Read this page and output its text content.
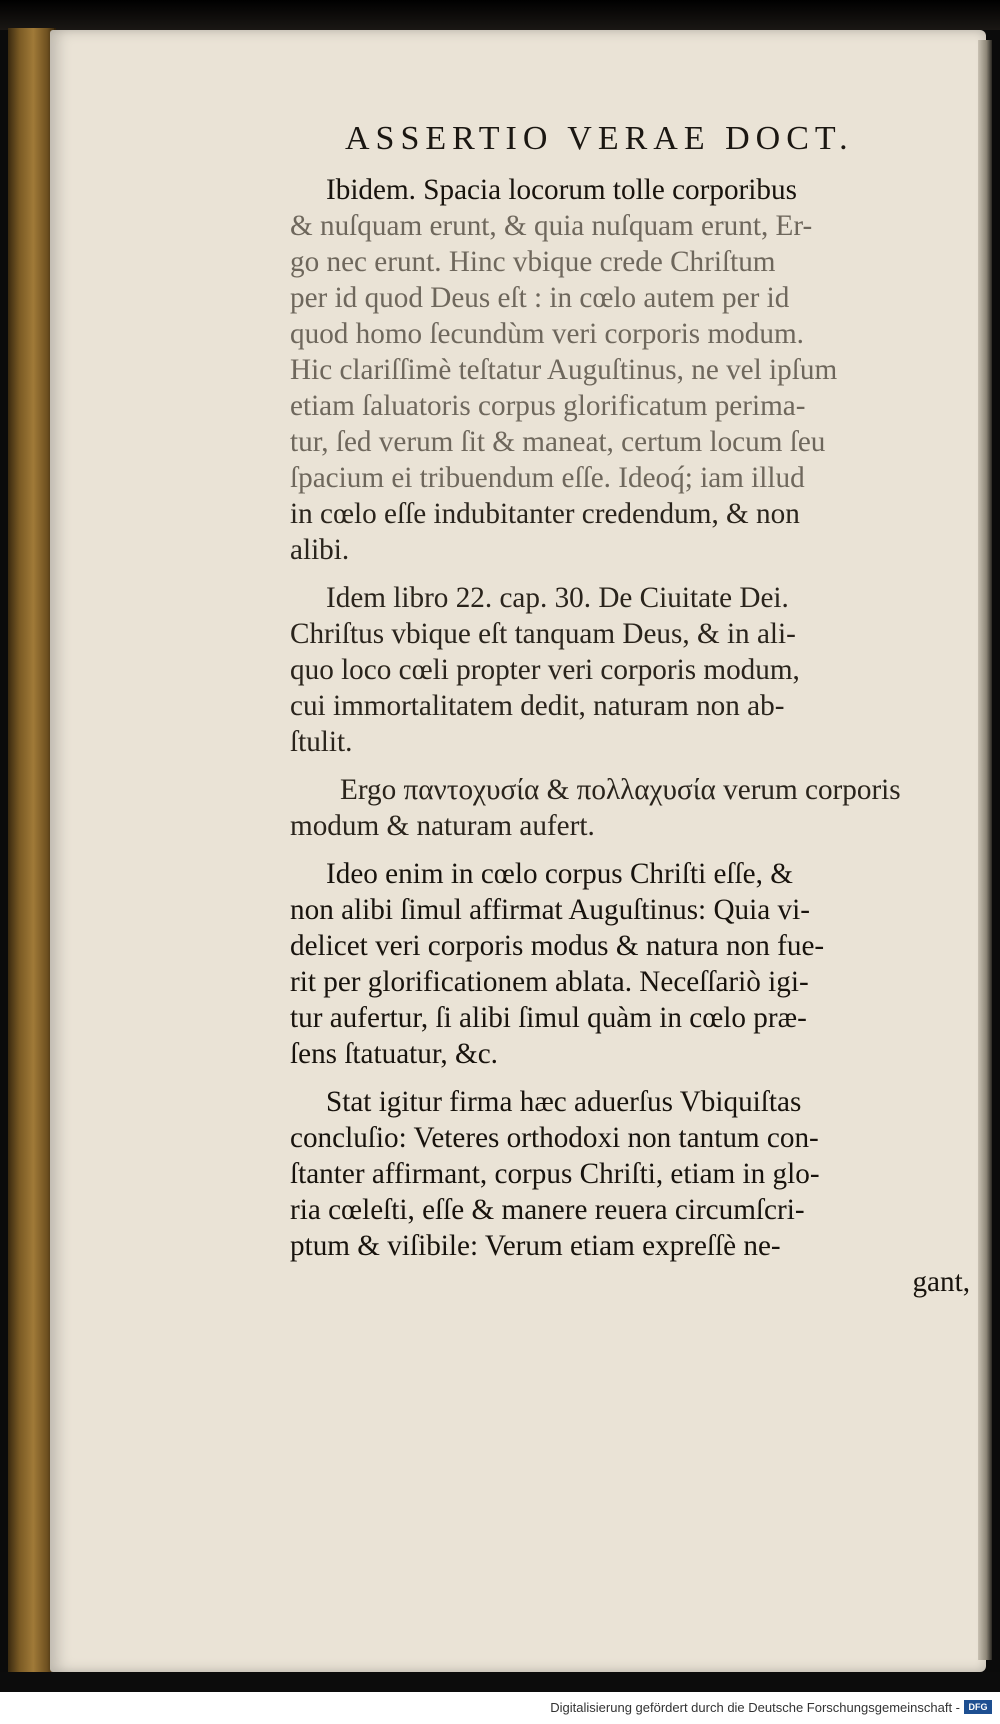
ASSERTIO VERAE DOCT.
Ibidem. Spacia locorum tolle corporibus
& nuſquam erunt, & quia nuſquam erunt, Er-
go nec erunt. Hinc vbique crede Chriſtum
per id quod Deus eſt : in cœlo autem per id
quod homo ſecundùm veri corporis modum.
Hic clariſſimè teſtatur Auguſtinus, ne vel ipſum
etiam ſaluatoris corpus glorificatum perima-
tur, ſed verum ſit & maneat, certum locum ſeu
ſpacium ei tribuendum eſſe. Ideoq́; iam illud
in cœlo eſſe indubitanter credendum, & non
alibi.
Idem libro 22. cap. 30. De Ciuitate Dei.
Chriſtus vbique eſt tanquam Deus, & in ali-
quo loco cœli propter veri corporis modum,
cui immortalitatem dedit, naturam non ab-
ſtulit.
Ergo παντοχυσία & πολλαχυσία verum corporis
modum & naturam aufert.
Ideo enim in cœlo corpus Chriſti eſſe, &
non alibi ſimul affirmat Auguſtinus: Quia vi-
delicet veri corporis modus & natura non fue-
rit per glorificationem ablata. Neceſſariò igi-
tur aufertur, ſi alibi ſimul quàm in cœlo præ-
ſens ſtatuatur, &c.
Stat igitur firma hæc aduerſus Vbiquiſtas
concluſio: Veteres orthodoxi non tantum con-
ſtanter affirmant, corpus Chriſti, etiam in glo-
ria cœleſti, eſſe & manere reuera circumſcri-
ptum & viſibile: Verum etiam expreſſè ne-
gant,
Digitalisierung gefördert durch die Deutsche Forschungsgemeinschaft - DFG
